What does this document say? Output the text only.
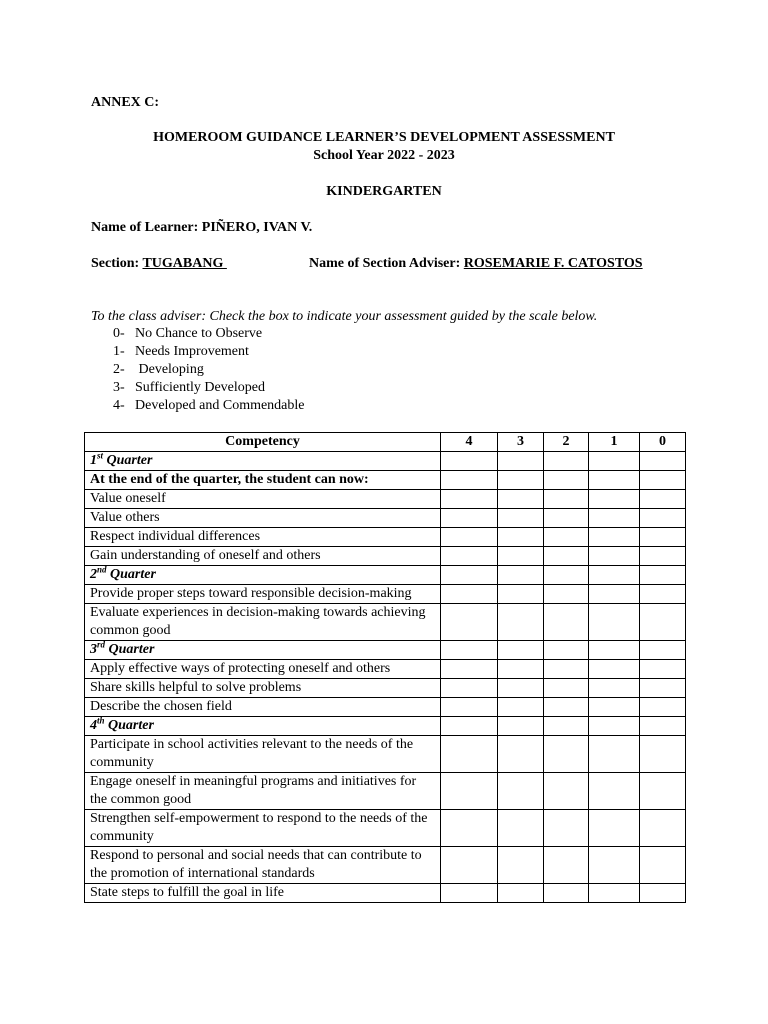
ANNEX C:
HOMEROOM GUIDANCE LEARNER’S DEVELOPMENT ASSESSMENT
School Year 2022 - 2023
KINDERGARTEN
Name of Learner: PIÑERO, IVAN V.
Section: TUGABANG	Name of Section Adviser: ROSEMARIE F. CATOSTOS
To the class adviser: Check the box to indicate your assessment guided by the scale below.
0- No Chance to Observe
1- Needs Improvement
2- Developing
3- Sufficiently Developed
4- Developed and Commendable
Competency	4	3	2	1	0
1st Quarter					
At the end of the quarter, the student can now:					
Value oneself					
Value others					
Respect individual differences					
Gain understanding of oneself and others					
2nd Quarter					
Provide proper steps toward responsible decision-making					
Evaluate experiences in decision-making towards achieving common good					
3rd Quarter					
Apply effective ways of protecting oneself and others					
Share skills helpful to solve problems					
Describe the chosen field					
4th Quarter					
Participate in school activities relevant to the needs of the community					
Engage oneself in meaningful programs and initiatives for the common good					
Strengthen self-empowerment to respond to the needs of the community					
Respond to personal and social needs that can contribute to the promotion of international standards					
State steps to fulfill the goal in life					
